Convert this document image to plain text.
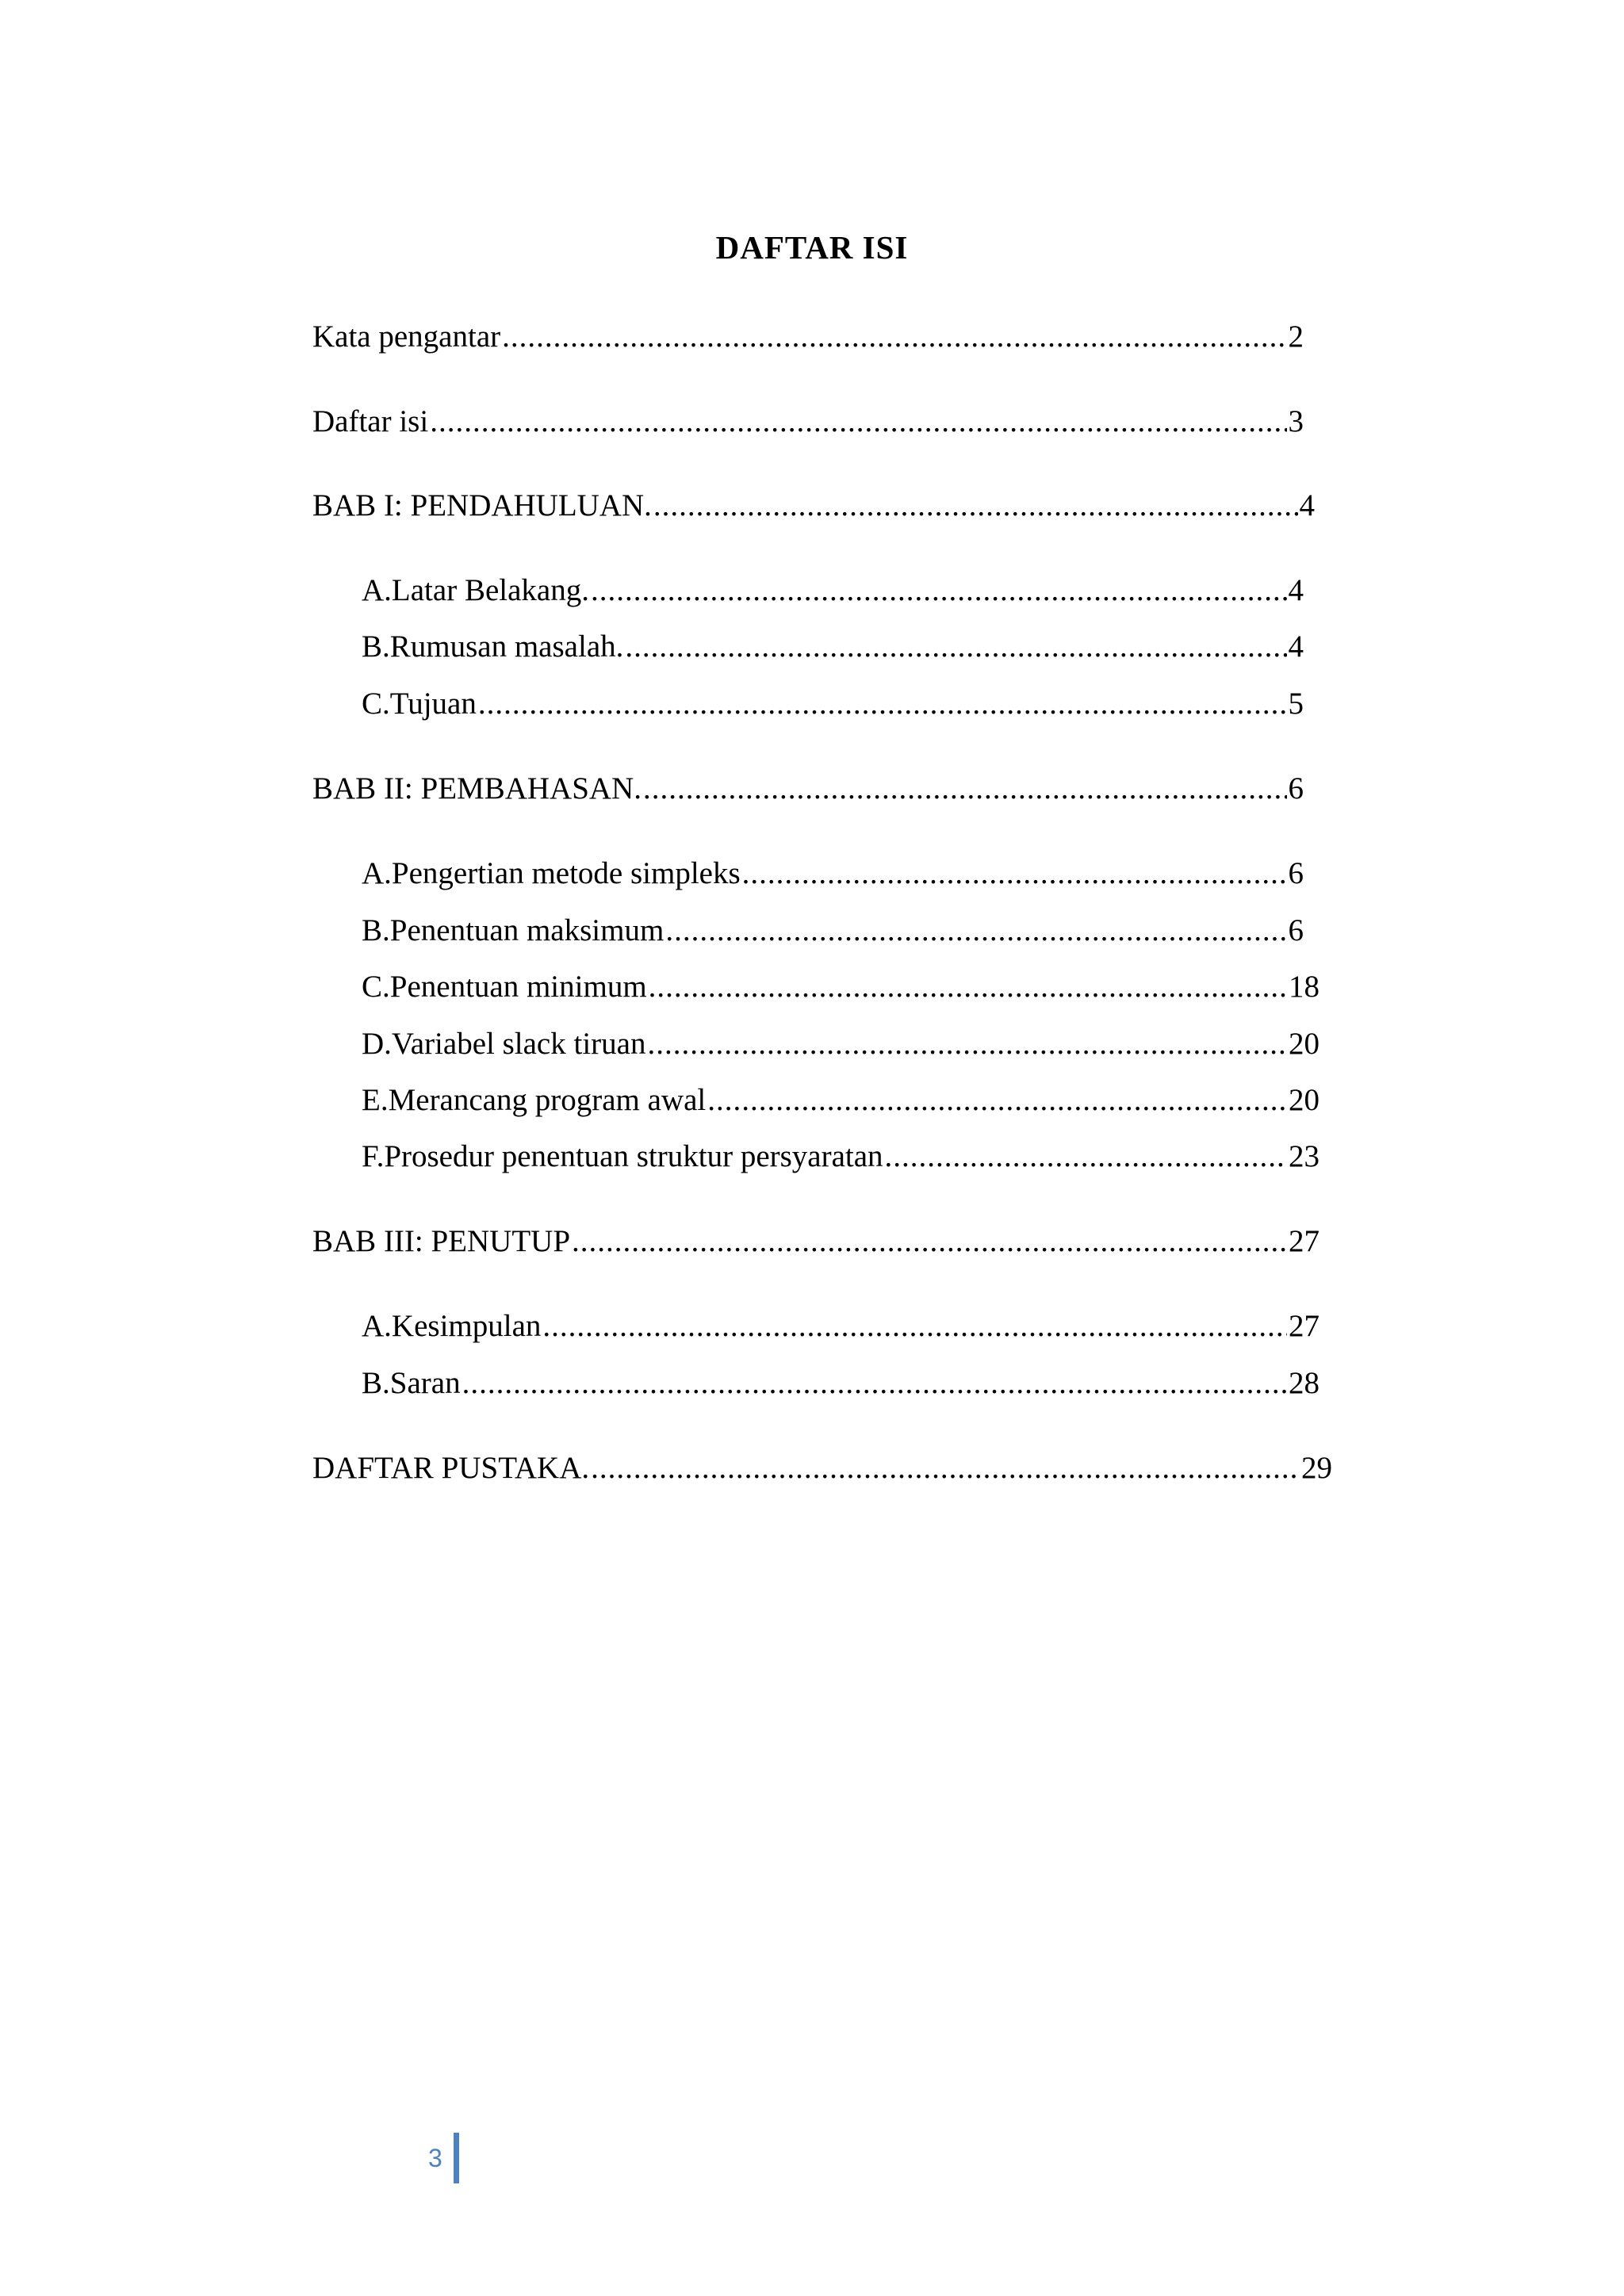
DAFTAR ISI
Kata pengantar .....	2
Daftar isi .....	3
BAB I: PENDAHULUAN. .....	4
A. Latar Belakang. .....	4
B. Rumusan masalah. .....	4
C. Tujuan .....	5
BAB II: PEMBAHASAN. .....	6
A. Pengertian metode simpleks .....	6
B. Penentuan maksimum .....	6
C. Penentuan minimum .....	18
D. Variabel slack tiruan .....	20
E. Merancang program awal .....	20
F. Prosedur penentuan struktur persyaratan .....	23
BAB III: PENUTUP .....	27
A. Kesimpulan .....	27
B. Saran .....	28
DAFTAR PUSTAKA. .....	29
3
